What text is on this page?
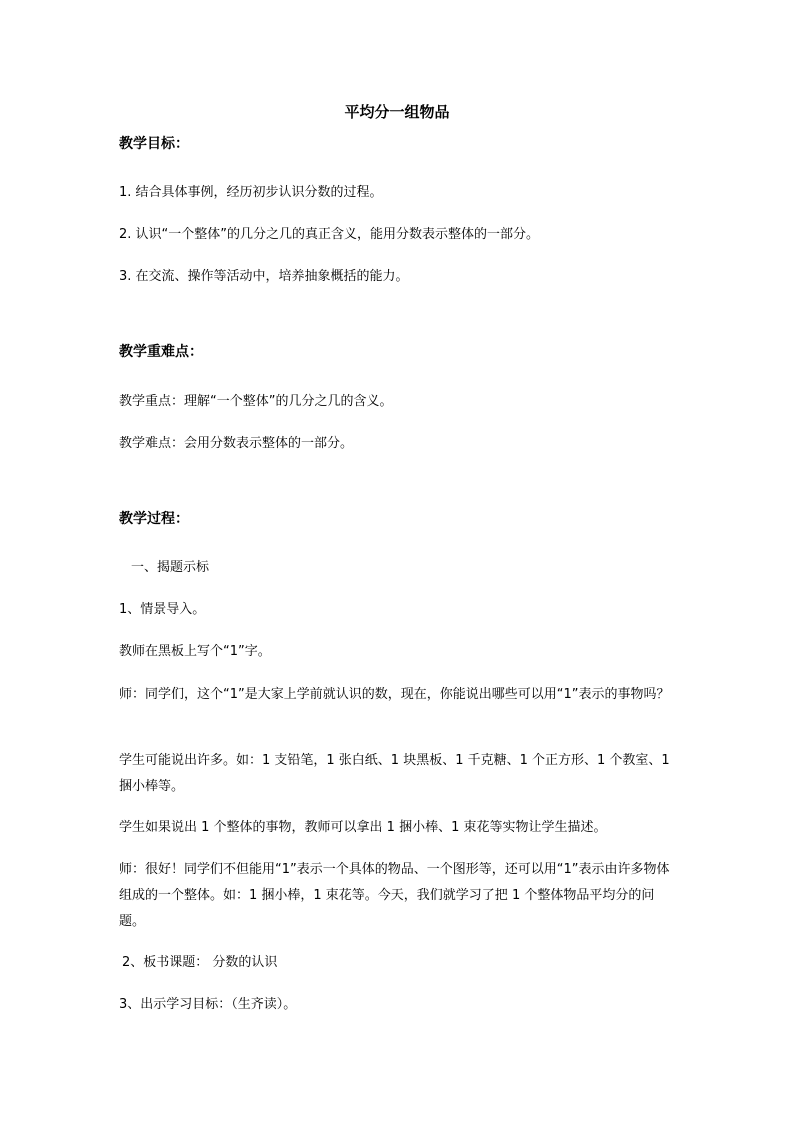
平均分一组物品
教学目标：
1. 结合具体事例，经历初步认识分数的过程。
2. 认识“一个整体”的几分之几的真正含义，能用分数表示整体的一部分。
3. 在交流、操作等活动中，培养抽象概括的能力。
教学重难点：
教学重点：理解“一个整体”的几分之几的含义。
教学难点：会用分数表示整体的一部分。
教学过程：
一、揭题示标
1、情景导入。
教师在黑板上写个“1”字。
师：同学们，这个“1”是大家上学前就认识的数，现在，你能说出哪些可以用“1”表示的事物吗？
学生可能说出许多。如：1 支铅笔，1 张白纸、1 块黑板、1 千克糖、1 个正方形、1 个教室、1 捆小棒等。
学生如果说出 1 个整体的事物，教师可以拿出 1 捆小棒、1 束花等实物让学生描述。
师：很好！同学们不但能用“1”表示一个具体的物品、一个图形等，还可以用“1”表示由许多物体组成的一个整体。如：1 捆小棒，1 束花等。今天，我们就学习了把 1 个整体物品平均分的问题。
2、板书课题： 分数的认识
3、出示学习目标：（生齐读）。
